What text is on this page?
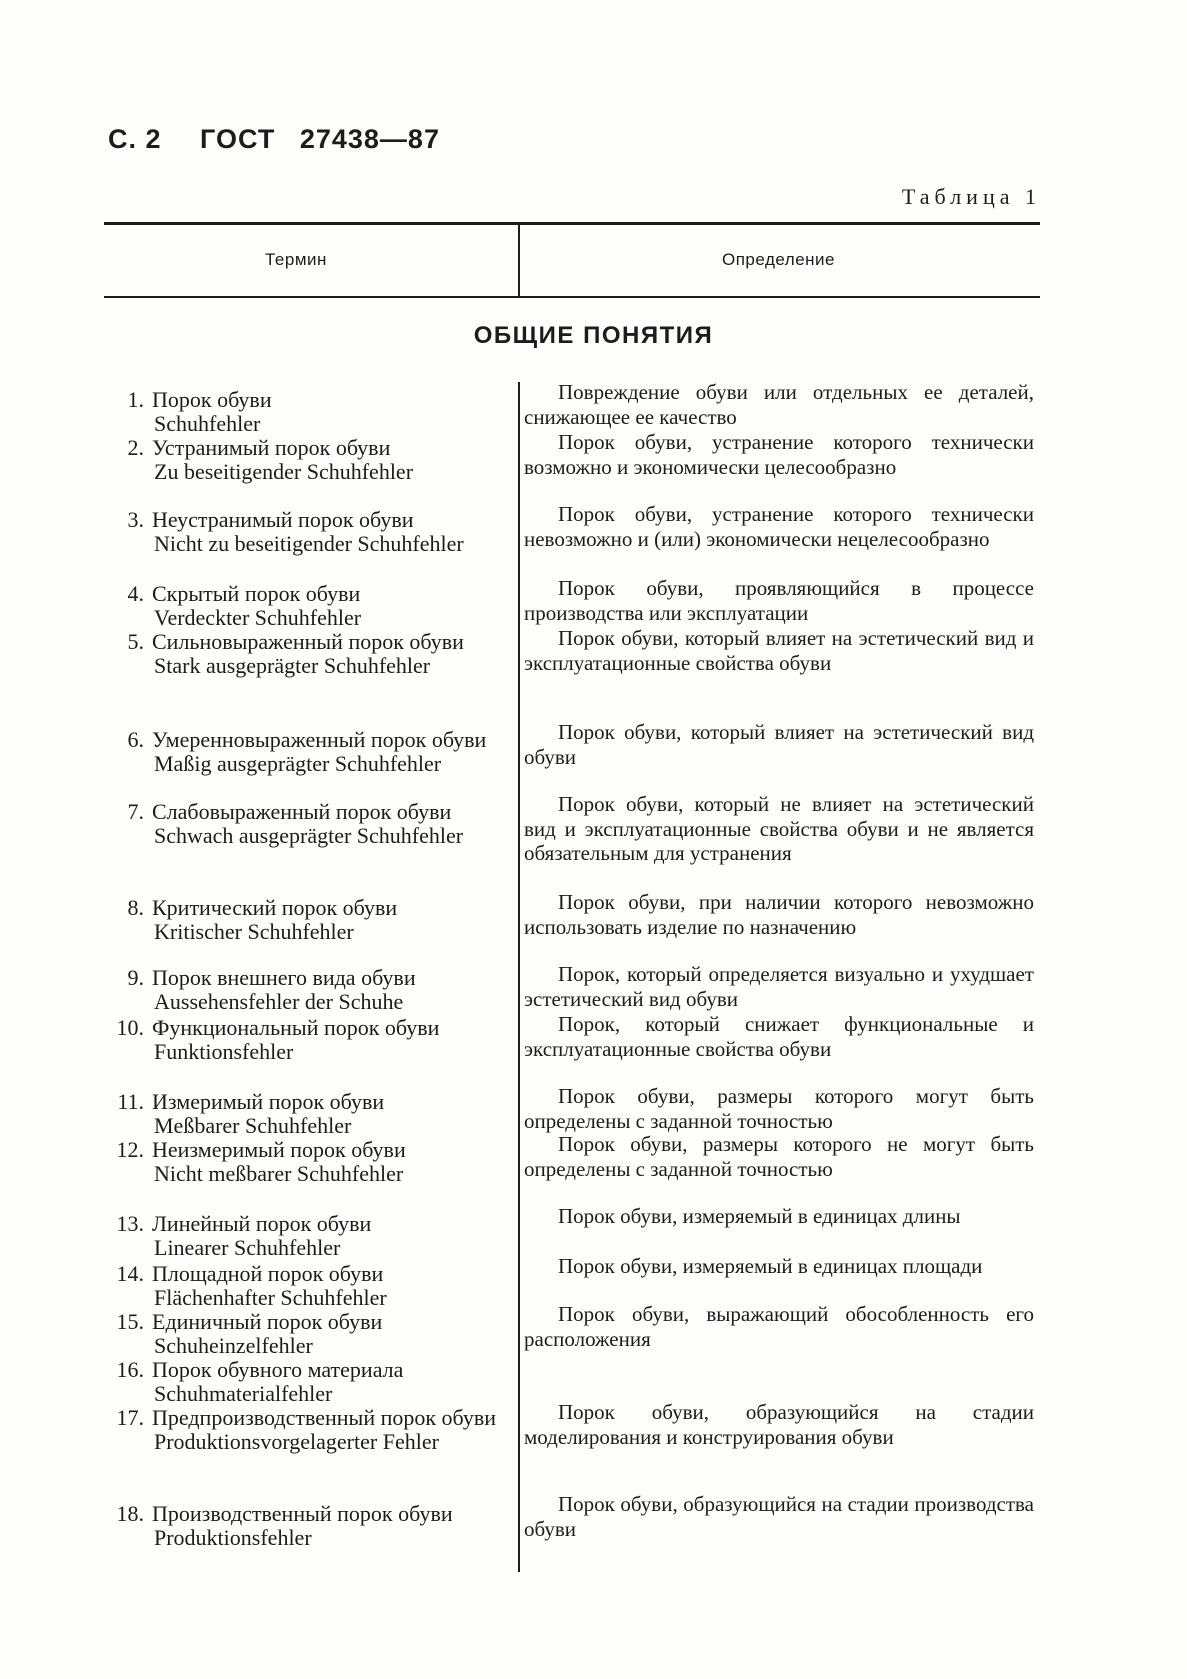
С. 2 ГОСТ 27438—87
Таблица 1
Термин	Определение
ОБЩИЕ ПОНЯТИЯ
1. Порок обуви
Schuhfehler
Повреждение обуви или отдельных ее деталей, снижающее ее качество
2. Устранимый порок обуви
Zu beseitigender Schuhfehler
Порок обуви, устранение которого технически возможно и экономически целесообразно
3. Неустранимый порок обуви
Nicht zu beseitigender Schuhfehler
Порок обуви, устранение которого технически невозможно и (или) экономически нецелесообразно
4. Скрытый порок обуви
Verdeckter Schuhfehler
Порок обуви, проявляющийся в процессе производства или эксплуатации
5. Сильновыраженный порок обуви
Stark ausgeprägter Schuhfehler
Порок обуви, который влияет на эстетический вид и эксплуатационные свойства обуви
6. Умеренновыраженный порок обуви
Maßig ausgeprägter Schuhfehler
Порок обуви, который влияет на эстетический вид обуви
7. Слабовыраженный порок обуви
Schwach ausgeprägter Schuhfehler
Порок обуви, который не влияет на эстетический вид и эксплуатационные свойства обуви и не является обязательным для устранения
8. Критический порок обуви
Kritischer Schuhfehler
Порок обуви, при наличии которого невозможно использовать изделие по назначению
9. Порок внешнего вида обуви
Aussehensfehler der Schuhe
Порок, который определяется визуально и ухудшает эстетический вид обуви
10. Функциональный порок обуви
Funktionsfehler
Порок, который снижает функциональные и эксплуатационные свойства обуви
11. Измеримый порок обуви
Meßbarer Schuhfehler
Порок обуви, размеры которого могут быть определены с заданной точностью
12. Неизмеримый порок обуви
Nicht meßbarer Schuhfehler
Порок обуви, размеры которого не могут быть определены с заданной точностью
13. Линейный порок обуви
Linearer Schuhfehler
Порок обуви, измеряемый в единицах длины
14. Площадной порок обуви
Flächenhafter Schuhfehler
Порок обуви, измеряемый в единицах площади
15. Единичный порок обуви
Schuheinzelfehler
Порок обуви, выражающий обособленность его расположения
16. Порок обувного материала
Schuhmaterialfehler
17. Предпроизводственный порок обуви
Produktionsvorgelagerter Fehler
Порок обуви, образующийся на стадии моделирования и конструирования обуви
18. Производственный порок обуви
Produktionsfehler
Порок обуви, образующийся на стадии производства обуви
